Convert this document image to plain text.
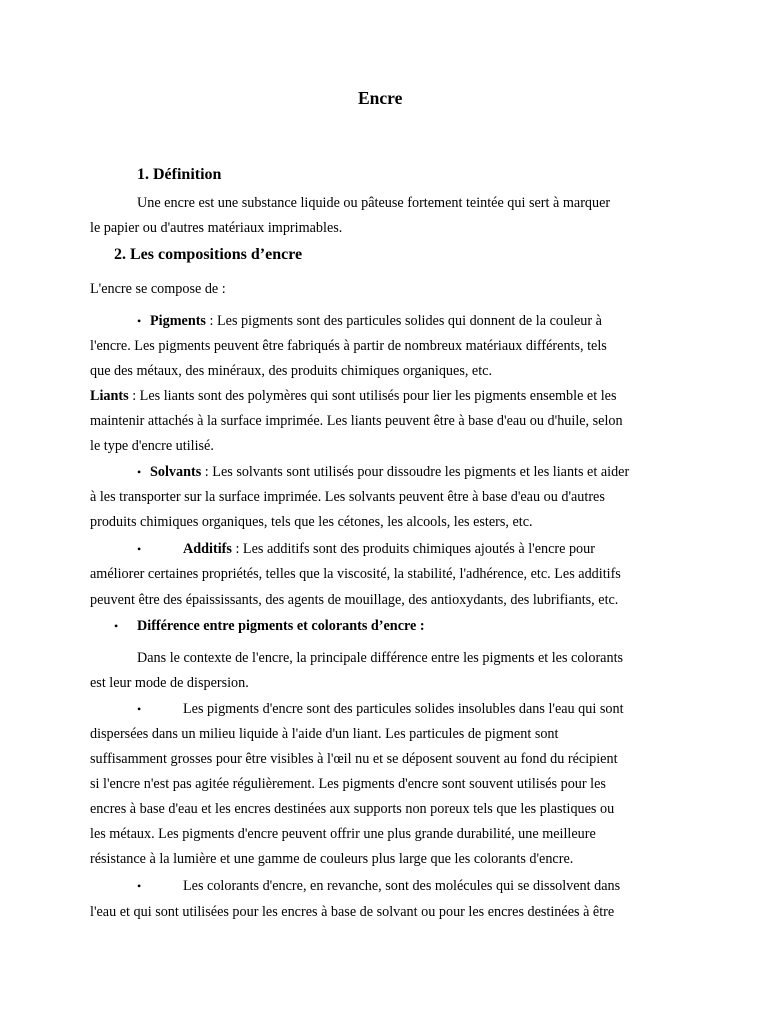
Encre
1. Définition
Une encre est une substance liquide ou pâteuse fortement teintée qui sert à marquer
le papier ou d'autres matériaux imprimables.
2. Les compositions d’encre
L'encre se compose de :
• Pigments : Les pigments sont des particules solides qui donnent de la couleur à
l'encre. Les pigments peuvent être fabriqués à partir de nombreux matériaux différents, tels
que des métaux, des minéraux, des produits chimiques organiques, etc.
Liants : Les liants sont des polymères qui sont utilisés pour lier les pigments ensemble et les
maintenir attachés à la surface imprimée. Les liants peuvent être à base d'eau ou d'huile, selon
le type d'encre utilisé.
• Solvants : Les solvants sont utilisés pour dissoudre les pigments et les liants et aider
à les transporter sur la surface imprimée. Les solvants peuvent être à base d'eau ou d'autres
produits chimiques organiques, tels que les cétones, les alcools, les esters, etc.
•	Additifs : Les additifs sont des produits chimiques ajoutés à l'encre pour
améliorer certaines propriétés, telles que la viscosité, la stabilité, l'adhérence, etc. Les additifs
peuvent être des épaississants, des agents de mouillage, des antioxydants, des lubrifiants, etc.
• Différence entre pigments et colorants d’encre :
Dans le contexte de l'encre, la principale différence entre les pigments et les colorants
est leur mode de dispersion.
•	Les pigments d'encre sont des particules solides insolubles dans l'eau qui sont
dispersées dans un milieu liquide à l'aide d'un liant. Les particules de pigment sont
suffisamment grosses pour être visibles à l'œil nu et se déposent souvent au fond du récipient
si l'encre n'est pas agitée régulièrement. Les pigments d'encre sont souvent utilisés pour les
encres à base d'eau et les encres destinées aux supports non poreux tels que les plastiques ou
les métaux. Les pigments d'encre peuvent offrir une plus grande durabilité, une meilleure
résistance à la lumière et une gamme de couleurs plus large que les colorants d'encre.
•	Les colorants d'encre, en revanche, sont des molécules qui se dissolvent dans
l'eau et qui sont utilisées pour les encres à base de solvant ou pour les encres destinées à être
